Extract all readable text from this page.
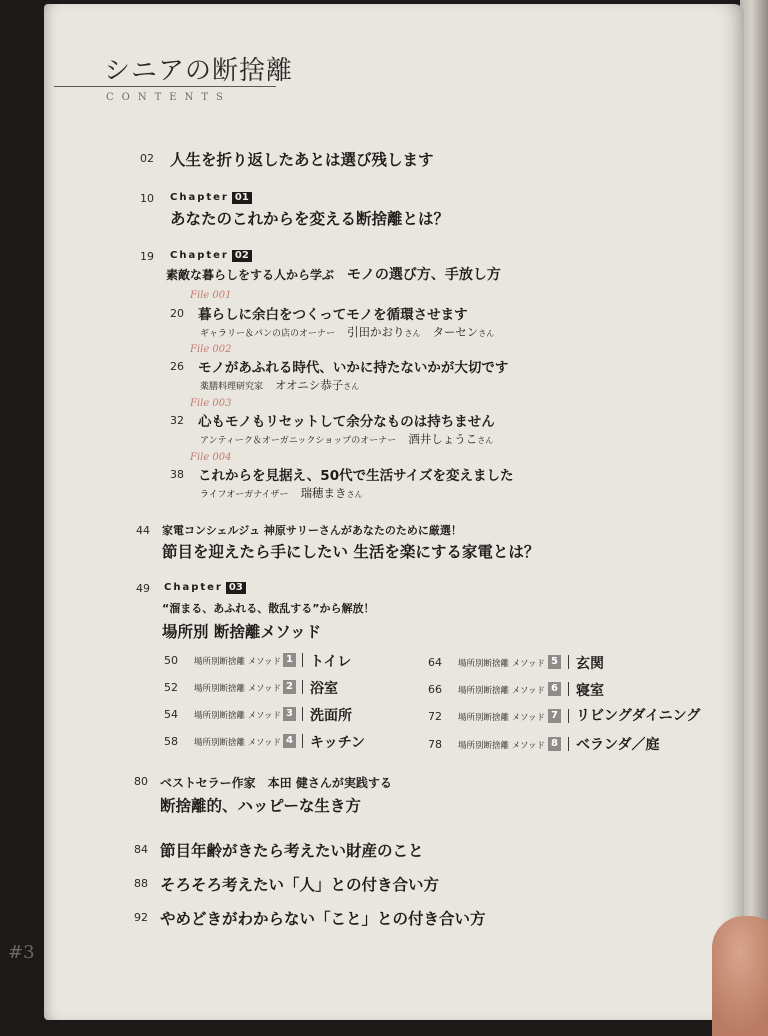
#3
シニアの断捨離
CONTENTS
02 人生を折り返したあとは選び残します
10 Chapter 01
あなたのこれからを変える断捨離とは？
19 Chapter 02
素敵な暮らしをする人から学ぶ モノの選び方、手放し方
File 001
20 暮らしに余白をつくってモノを循環させます
ギャラリー＆パンの店のオーナー 引田かおりさん ターセンさん
File 002
26 モノがあふれる時代、いかに持たないかが大切です
薬膳料理研究家 オオニシ恭子さん
File 003
32 心もモノもリセットして余分なものは持ちません
アンティーク＆オーガニックショップのオーナー 酒井しょうこさん
File 004
38 これからを見据え、50代で生活サイズを変えました
ライフオーガナイザー 瑞穂まきさん
44 家電コンシェルジュ 神原サリーさんがあなたのために厳選！
節目を迎えたら手にしたい 生活を楽にする家電とは？
49 Chapter 03
“溜まる、あふれる、散乱する”から解放！
場所別 断捨離メソッド
50 場所別断捨離 メソッド 1 トイレ
52 場所別断捨離 メソッド 2 浴室
54 場所別断捨離 メソッド 3 洗面所
58 場所別断捨離 メソッド 4 キッチン
64 場所別断捨離 メソッド 5 玄関
66 場所別断捨離 メソッド 6 寝室
72 場所別断捨離 メソッド 7 リビングダイニング
78 場所別断捨離 メソッド 8 ベランダ／庭
80 ベストセラー作家　本田 健さんが実践する
断捨離的、ハッピーな生き方
84 節目年齢がきたら考えたい財産のこと
88 そろそろ考えたい「人」との付き合い方
92 やめどきがわからない「こと」との付き合い方
